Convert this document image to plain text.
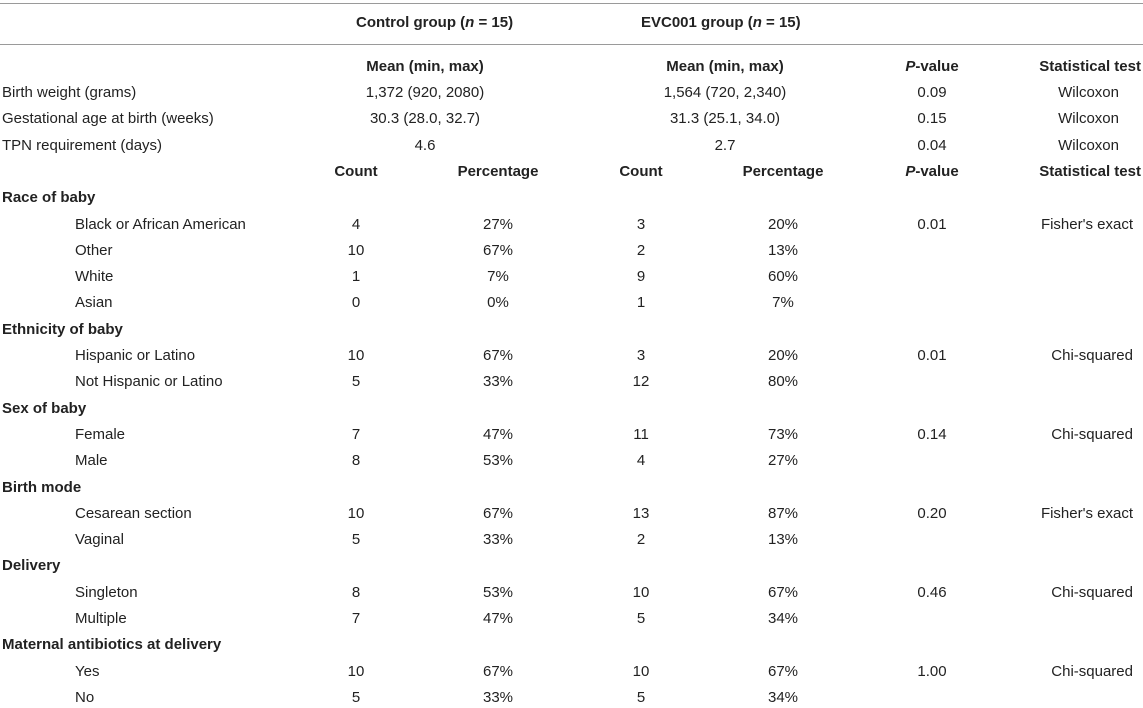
Control group (n = 15)	EVC001 group (n = 15)
Mean (min, max)	Mean (min, max)	P-value	Statistical test
Birth weight (grams)	1,372 (920, 2080)	1,564 (720, 2,340)	0.09	Wilcoxon
Gestational age at birth (weeks)	30.3 (28.0, 32.7)	31.3 (25.1, 34.0)	0.15	Wilcoxon
TPN requirement (days)	4.6	2.7	0.04	Wilcoxon
Count	Percentage	Count	Percentage	P-value	Statistical test
Race of baby
Black or African American	4	27%	3	20%	0.01	Fisher's exact
Other	10	67%	2	13%
White	1	7%	9	60%
Asian	0	0%	1	7%
Ethnicity of baby
Hispanic or Latino	10	67%	3	20%	0.01	Chi-squared
Not Hispanic or Latino	5	33%	12	80%
Sex of baby
Female	7	47%	11	73%	0.14	Chi-squared
Male	8	53%	4	27%
Birth mode
Cesarean section	10	67%	13	87%	0.20	Fisher's exact
Vaginal	5	33%	2	13%
Delivery
Singleton	8	53%	10	67%	0.46	Chi-squared
Multiple	7	47%	5	34%
Maternal antibiotics at delivery
Yes	10	67%	10	67%	1.00	Chi-squared
No	5	33%	5	34%
